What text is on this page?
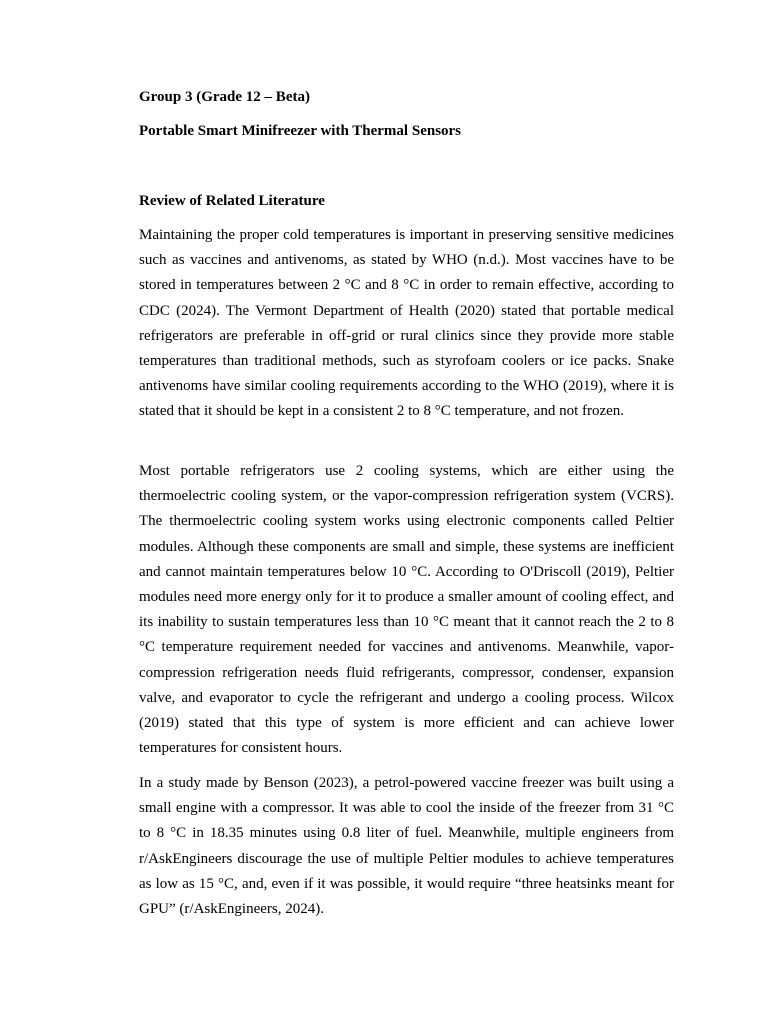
Group 3 (Grade 12 – Beta)
Portable Smart Minifreezer with Thermal Sensors
Review of Related Literature

Maintaining the proper cold temperatures is important in preserving sensitive medicines such as vaccines and antivenoms, as stated by WHO (n.d.). Most vaccines have to be stored in temperatures between 2 °C and 8 °C in order to remain effective, according to CDC (2024). The Vermont Department of Health (2020) stated that portable medical refrigerators are preferable in off-grid or rural clinics since they provide more stable temperatures than traditional methods, such as styrofoam coolers or ice packs. Snake antivenoms have similar cooling requirements according to the WHO (2019), where it is stated that it should be kept in a consistent 2 to 8 °C temperature, and not frozen.

Most portable refrigerators use 2 cooling systems, which are either using the thermoelectric cooling system, or the vapor-compression refrigeration system (VCRS). The thermoelectric cooling system works using electronic components called Peltier modules. Although these components are small and simple, these systems are inefficient and cannot maintain temperatures below 10 °C. According to O'Driscoll (2019), Peltier modules need more energy only for it to produce a smaller amount of cooling effect, and its inability to sustain temperatures less than 10 °C meant that it cannot reach the 2 to 8 °C temperature requirement needed for vaccines and antivenoms. Meanwhile, vapor-compression refrigeration needs fluid refrigerants, compressor, condenser, expansion valve, and evaporator to cycle the refrigerant and undergo a cooling process. Wilcox (2019) stated that this type of system is more efficient and can achieve lower temperatures for consistent hours.

In a study made by Benson (2023), a petrol-powered vaccine freezer was built using a small engine with a compressor. It was able to cool the inside of the freezer from 31 °C to 8 °C in 18.35 minutes using 0.8 liter of fuel. Meanwhile, multiple engineers from r/AskEngineers discourage the use of multiple Peltier modules to achieve temperatures as low as 15 °C, and, even if it was possible, it would require “three heatsinks meant for GPU” (r/AskEngineers, 2024).
